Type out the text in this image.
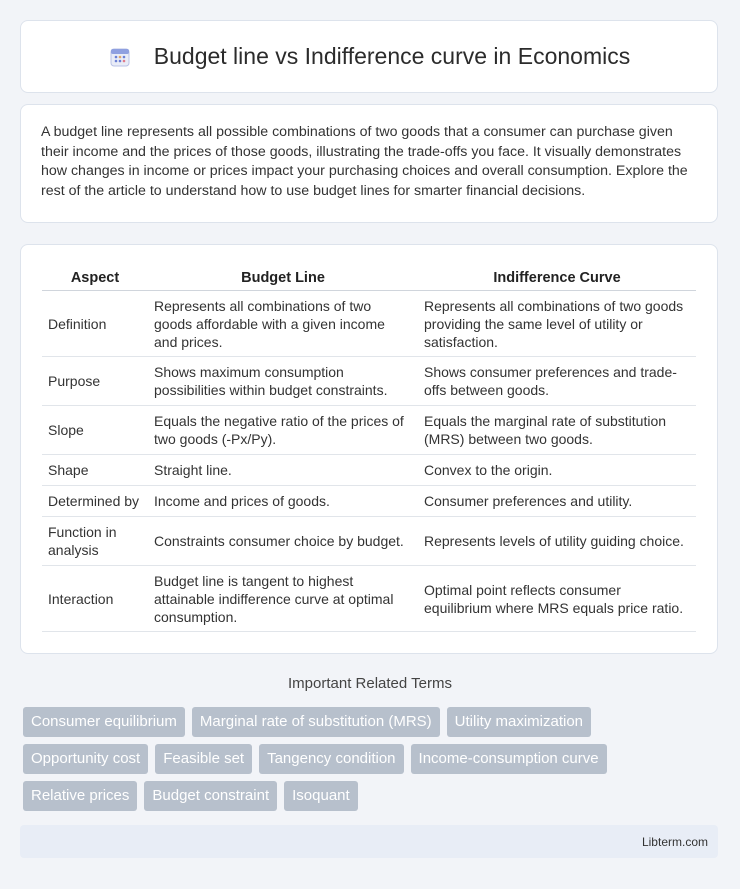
Budget line vs Indifference curve in Economics

A budget line represents all possible combinations of two goods that a consumer can purchase given their income and the prices of those goods, illustrating the trade-offs you face. It visually demonstrates how changes in income or prices impact your purchasing choices and overall consumption. Explore the rest of the article to understand how to use budget lines for smarter financial decisions.

Aspect	Budget Line	Indifference Curve
Definition	Represents all combinations of two goods affordable with a given income and prices.	Represents all combinations of two goods providing the same level of utility or satisfaction.
Purpose	Shows maximum consumption possibilities within budget constraints.	Shows consumer preferences and trade-offs between goods.
Slope	Equals the negative ratio of the prices of two goods (-Px/Py).	Equals the marginal rate of substitution (MRS) between two goods.
Shape	Straight line.	Convex to the origin.
Determined by	Income and prices of goods.	Consumer preferences and utility.
Function in analysis	Constraints consumer choice by budget.	Represents levels of utility guiding choice.
Interaction	Budget line is tangent to highest attainable indifference curve at optimal consumption.	Optimal point reflects consumer equilibrium where MRS equals price ratio.
Important Related Terms
Consumer equilibrium	Marginal rate of substitution (MRS)	Utility maximization
Opportunity cost	Feasible set	Tangency condition	Income-consumption curve
Relative prices	Budget constraint	Isoquant
Libterm.com
